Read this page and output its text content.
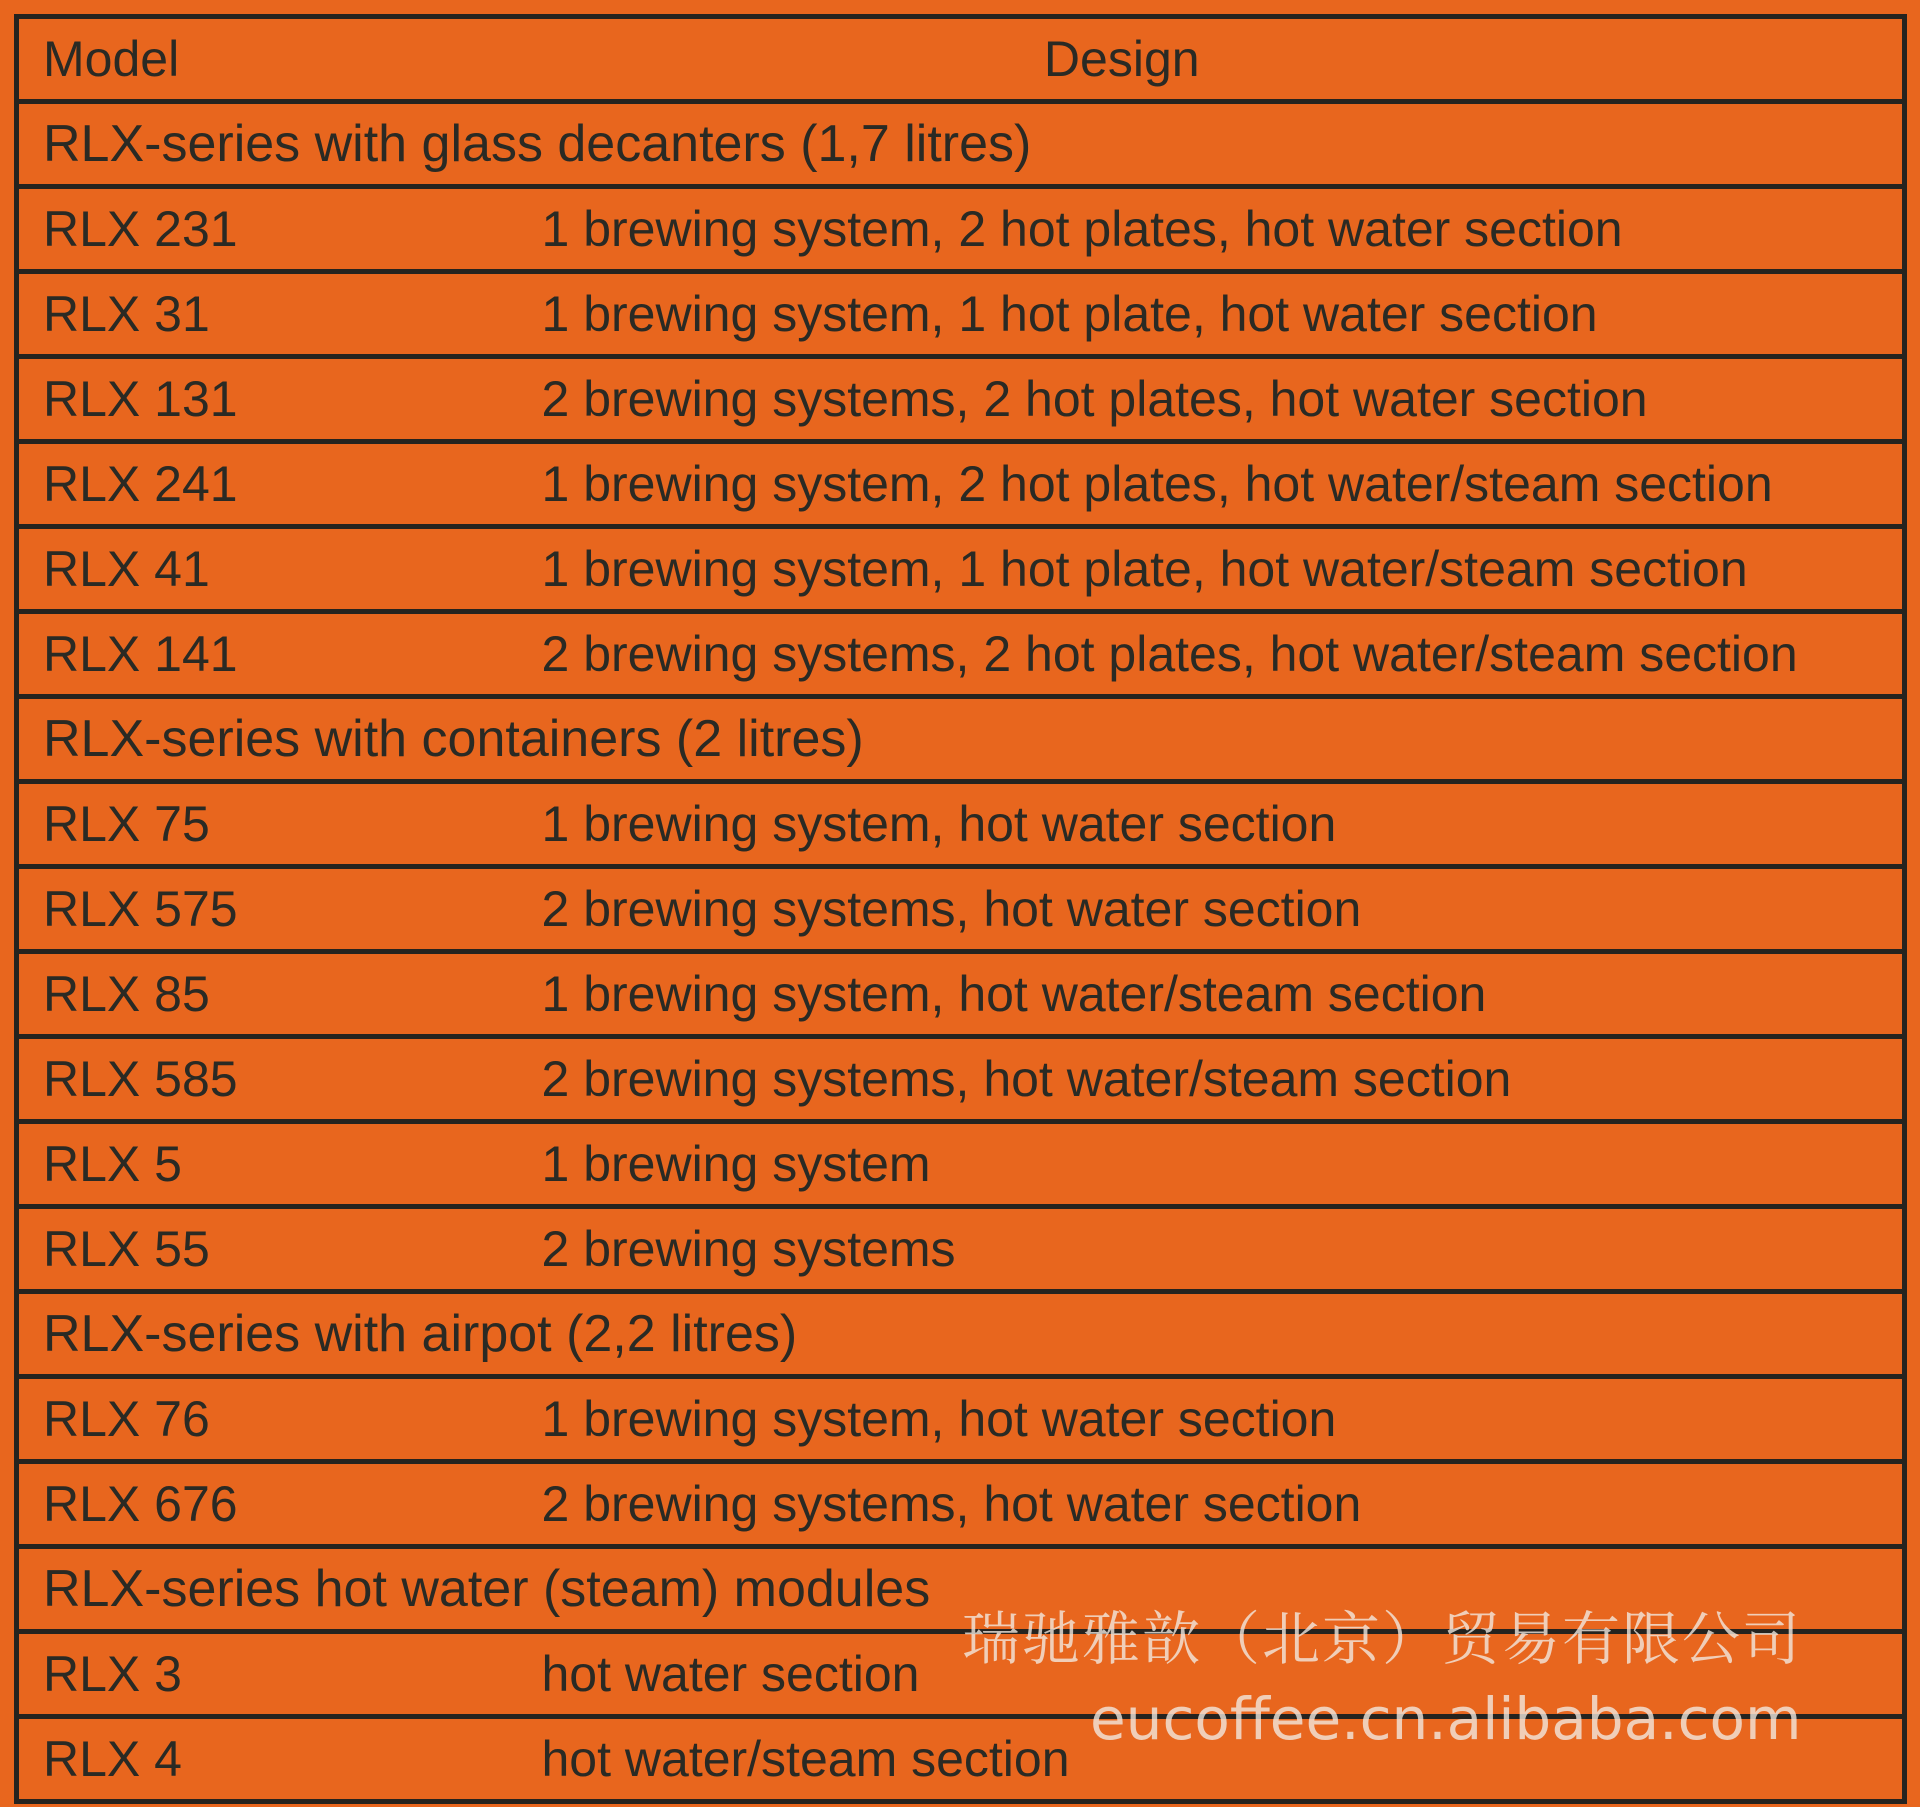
Model	Design
RLX-series with glass decanters (1,7 litres)	
RLX 231	1 brewing system, 2 hot plates, hot water section
RLX 31	1 brewing system, 1 hot plate, hot water section
RLX 131	2 brewing systems, 2 hot plates, hot water section
RLX 241	1 brewing system, 2 hot plates, hot water/steam section
RLX 41	1 brewing system, 1 hot plate, hot water/steam section
RLX 141	2 brewing systems, 2 hot plates, hot water/steam section
RLX-series with containers (2 litres)	
RLX 75	1 brewing system, hot water section
RLX 575	2 brewing systems, hot water section
RLX 85	1 brewing system, hot water/steam section
RLX 585	2 brewing systems, hot water/steam section
RLX 5	1 brewing system
RLX 55	2 brewing systems
RLX-series with airpot (2,2 litres)	
RLX 76	1 brewing system, hot water section
RLX 676	2 brewing systems, hot water section
RLX-series hot water (steam) modules	
RLX 3	hot water section
RLX 4	hot water/steam section
瑞驰雅歆（北京）贸易有限公司
eucoffee.cn.alibaba.com
